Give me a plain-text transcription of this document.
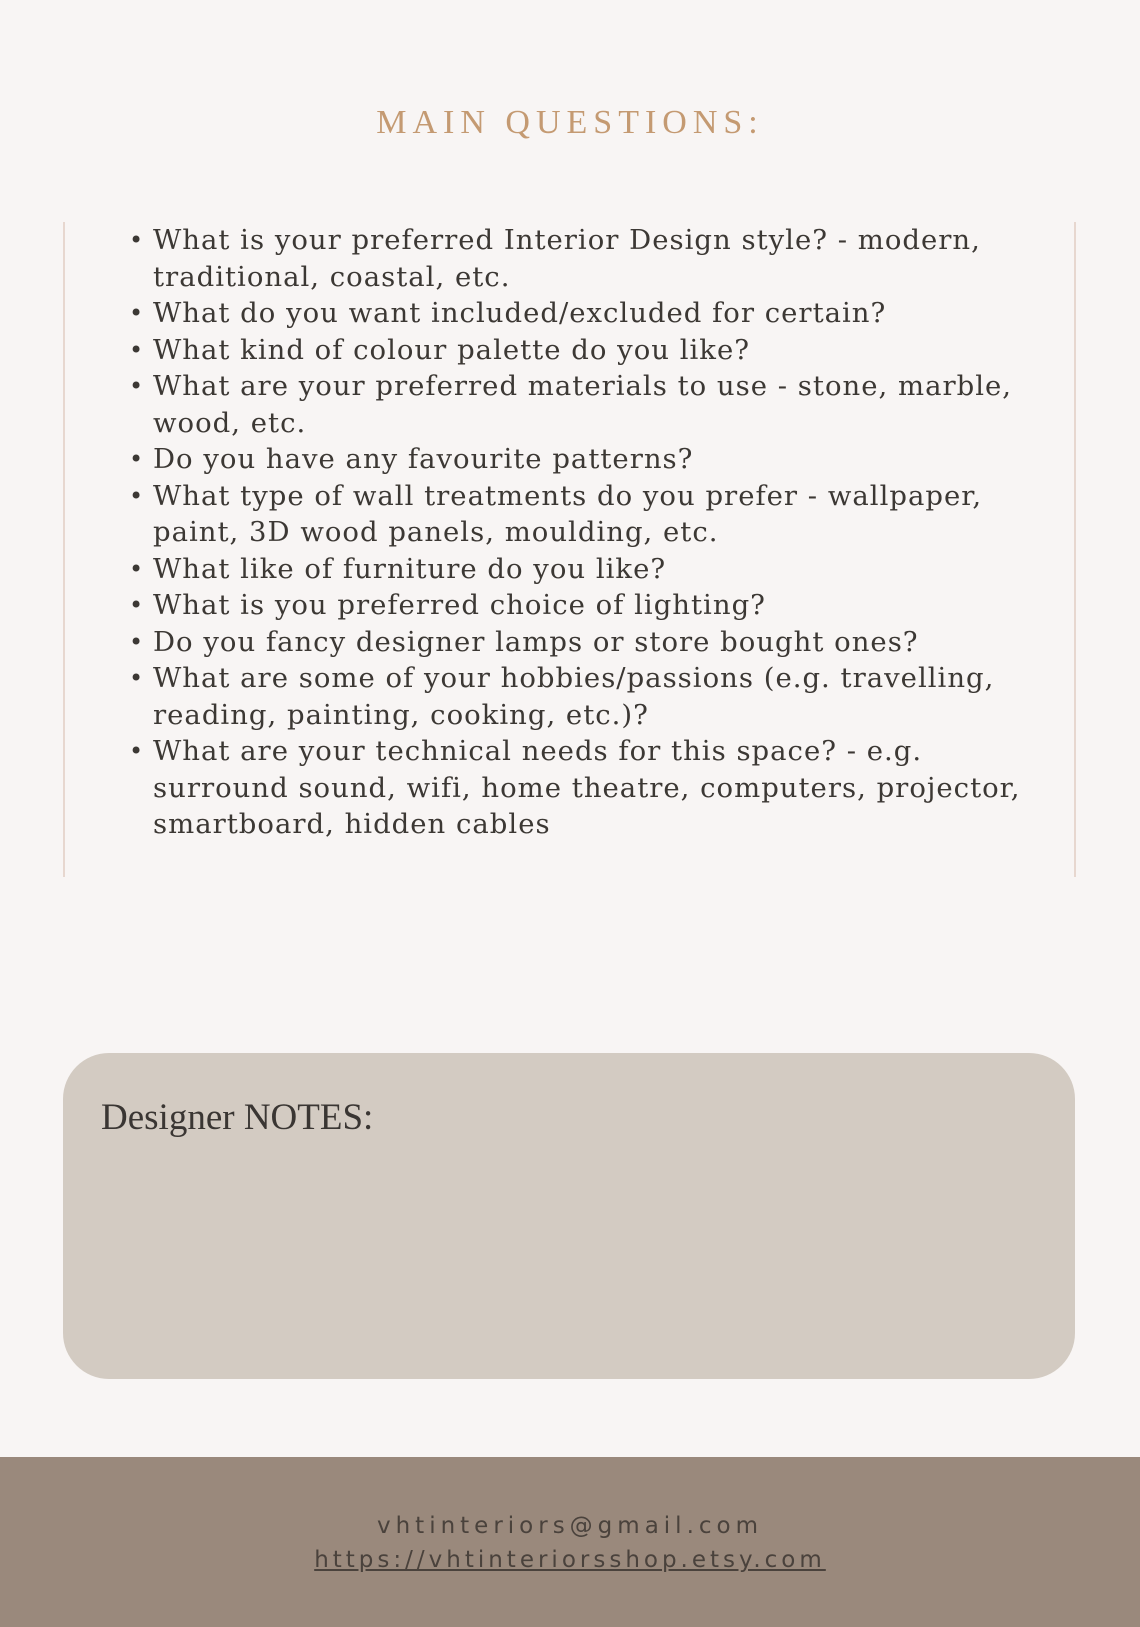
MAIN QUESTIONS:
• What is your preferred Interior Design style? - modern, traditional, coastal, etc.
• What do you want included/excluded for certain?
• What kind of colour palette do you like?
• What are your preferred materials to use - stone, marble, wood, etc.
• Do you have any favourite patterns?
• What type of wall treatments do you prefer - wallpaper, paint, 3D wood panels, moulding, etc.
• What like of furniture do you like?
• What is you preferred choice of lighting?
• Do you fancy designer lamps or store bought ones?
• What are some of your hobbies/passions (e.g. travelling, reading, painting, cooking, etc.)?
• What are your technical needs for this space? - e.g. surround sound, wifi, home theatre, computers, projector, smartboard, hidden cables
Designer NOTES:
vhtinteriors@gmail.com
https://vhtinteriorsshop.etsy.com
